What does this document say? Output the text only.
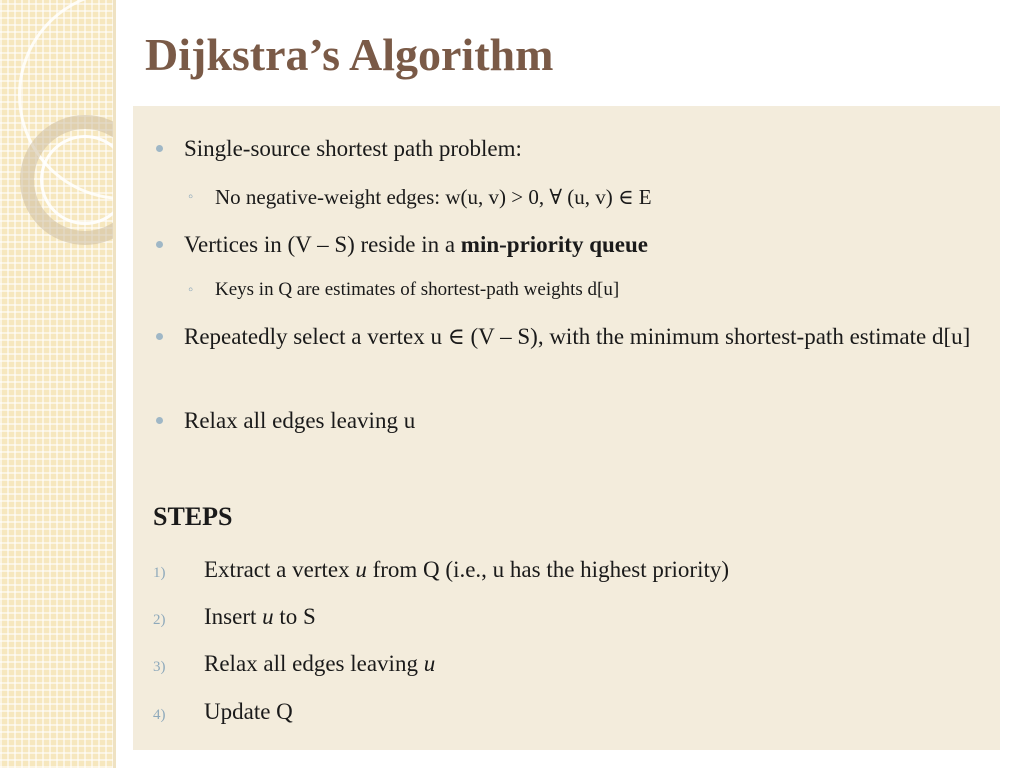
Dijkstra’s Algorithm
Single-source shortest path problem:
◦ No negative-weight edges: w(u, v) > 0, ∀ (u, v) ∈ E
Vertices in (V – S) reside in a min-priority queue
◦ Keys in Q are estimates of shortest-path weights d[u]
Repeatedly select a vertex u ∈ (V – S), with the minimum shortest-path estimate d[u]
Relax all edges leaving u
STEPS
1) Extract a vertex u from Q (i.e., u has the highest priority)
2) Insert u to S
3) Relax all edges leaving u
4) Update Q
